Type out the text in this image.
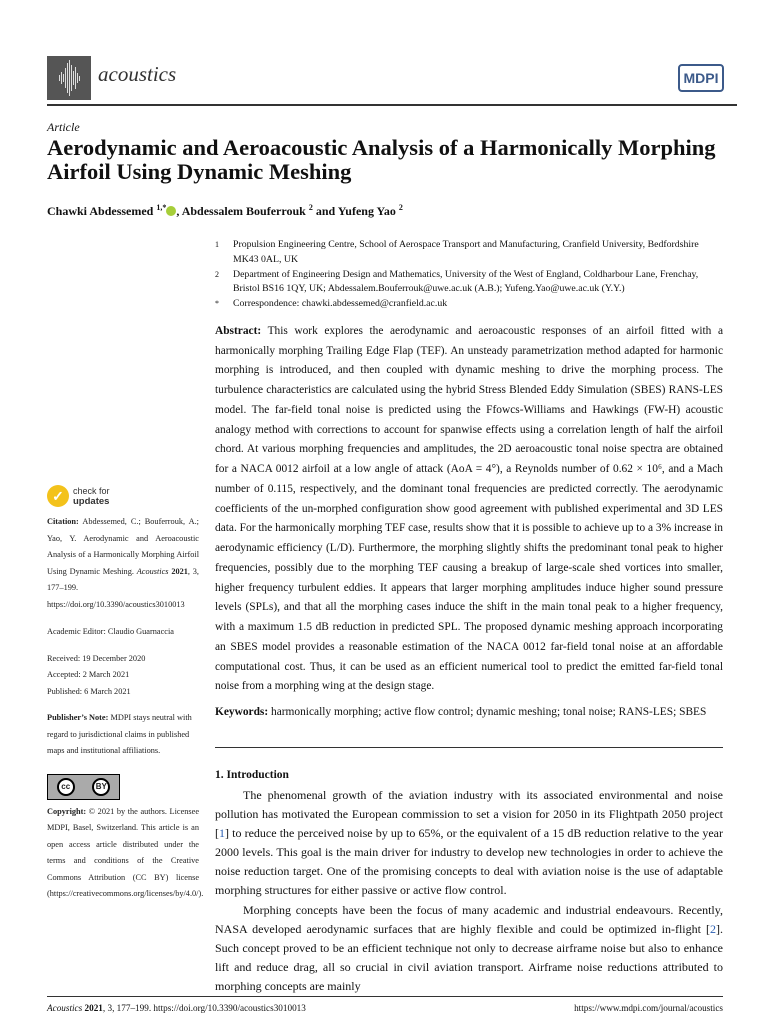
acoustics	MDPI
Article
Aerodynamic and Aeroacoustic Analysis of a Harmonically Morphing Airfoil Using Dynamic Meshing
Chawki Abdessemed $^{1,*}$ , Abdessalem Bouferrouk $^2$ and Yufeng Yao $^2$
✓	check for
updates
Citation: Abdessemed, C.; Bouferrouk, A.; Yao, Y. Aerodynamic and Aeroacoustic Analysis of a Harmonically Morphing Airfoil Using Dynamic Meshing. Acoustics 2021, 3, 177–199. https://doi.org/10.3390/acoustics3010013
Academic Editor: Claudio Guarnaccia
Received: 19 December 2020
Accepted: 2 March 2021
Published: 6 March 2021
Publisher’s Note: MDPI stays neutral with regard to jurisdictional claims in published maps and institutional affiliations.
cc	BY
Copyright: © 2021 by the authors. Licensee MDPI, Basel, Switzerland. This article is an open access article distributed under the terms and conditions of the Creative Commons Attribution (CC BY) license (https://creativecommons.org/licenses/by/4.0/).
1	Propulsion Engineering Centre, School of Aerospace Transport and Manufacturing, Cranfield University, Bedfordshire MK43 0AL, UK
2	Department of Engineering Design and Mathematics, University of the West of England, Coldharbour Lane, Frenchay, Bristol BS16 1QY, UK; Abdessalem.Bouferrouk@uwe.ac.uk (A.B.); Yufeng.Yao@uwe.ac.uk (Y.Y.)
*	Correspondence: chawki.abdessemed@cranfield.ac.uk
Abstract: This work explores the aerodynamic and aeroacoustic responses of an airfoil fitted with a harmonically morphing Trailing Edge Flap (TEF). An unsteady parametrization method adapted for harmonic morphing is introduced, and then coupled with dynamic meshing to drive the morphing process. The turbulence characteristics are calculated using the hybrid Stress Blended Eddy Simulation (SBES) RANS-LES model. The far-field tonal noise is predicted using the Ffowcs-Williams and Hawkings (FW-H) acoustic analogy method with corrections to account for spanwise effects using a correlation length of half the airfoil chord. At various morphing frequencies and amplitudes, the 2D aeroacoustic tonal noise spectra are obtained for a NACA 0012 airfoil at a low angle of attack (AoA = 4°), a Reynolds number of 0.62 × 10⁶, and a Mach number of 0.115, respectively, and the dominant tonal frequencies are predicted correctly. The aerodynamic coefficients of the un-morphed configuration show good agreement with published experimental and 3D LES data. For the harmonically morphing TEF case, results show that it is possible to achieve up to a 3% increase in aerodynamic efficiency (L/D). Furthermore, the morphing slightly shifts the predominant tonal peak to higher frequencies, possibly due to the morphing TEF causing a breakup of large-scale shed vortices into smaller, higher frequency turbulent eddies. It appears that larger morphing amplitudes induce higher sound pressure levels (SPLs), and that all the morphing cases induce the shift in the main tonal peak to a higher frequency, with a maximum 1.5 dB reduction in predicted SPL. The proposed dynamic meshing approach incorporating an SBES model provides a reasonable estimation of the NACA 0012 far-field tonal noise at an affordable computational cost. Thus, it can be used as an efficient numerical tool to predict the emitted far-field tonal noise from a morphing wing at the design stage.
Keywords: harmonically morphing; active flow control; dynamic meshing; tonal noise; RANS-LES; SBES
1. Introduction

The phenomenal growth of the aviation industry with its associated environmental and noise pollution has motivated the European commission to set a vision for 2050 in its Flightpath 2050 project [1] to reduce the perceived noise by up to 65%, or the equivalent of a 15 dB reduction relative to the year 2000 levels. This goal is the main driver for industry to develop new technologies in order to achieve the noise reduction target. One of the promising concepts to deal with aviation noise is the use of adaptable morphing structures for either passive or active flow control.

Morphing concepts have been the focus of many academic and industrial endeavours. Recently, NASA developed aerodynamic surfaces that are highly flexible and could be optimized in-flight [2]. Such concept proved to be an efficient technique not only to decrease airframe noise but also to enhance lift and reduce drag, all so crucial in civil aviation transport. Airframe noise reductions attributed to morphing concepts are mainly

Acoustics 2021, 3, 177–199. https://doi.org/10.3390/acoustics3010013	https://www.mdpi.com/journal/acoustics
